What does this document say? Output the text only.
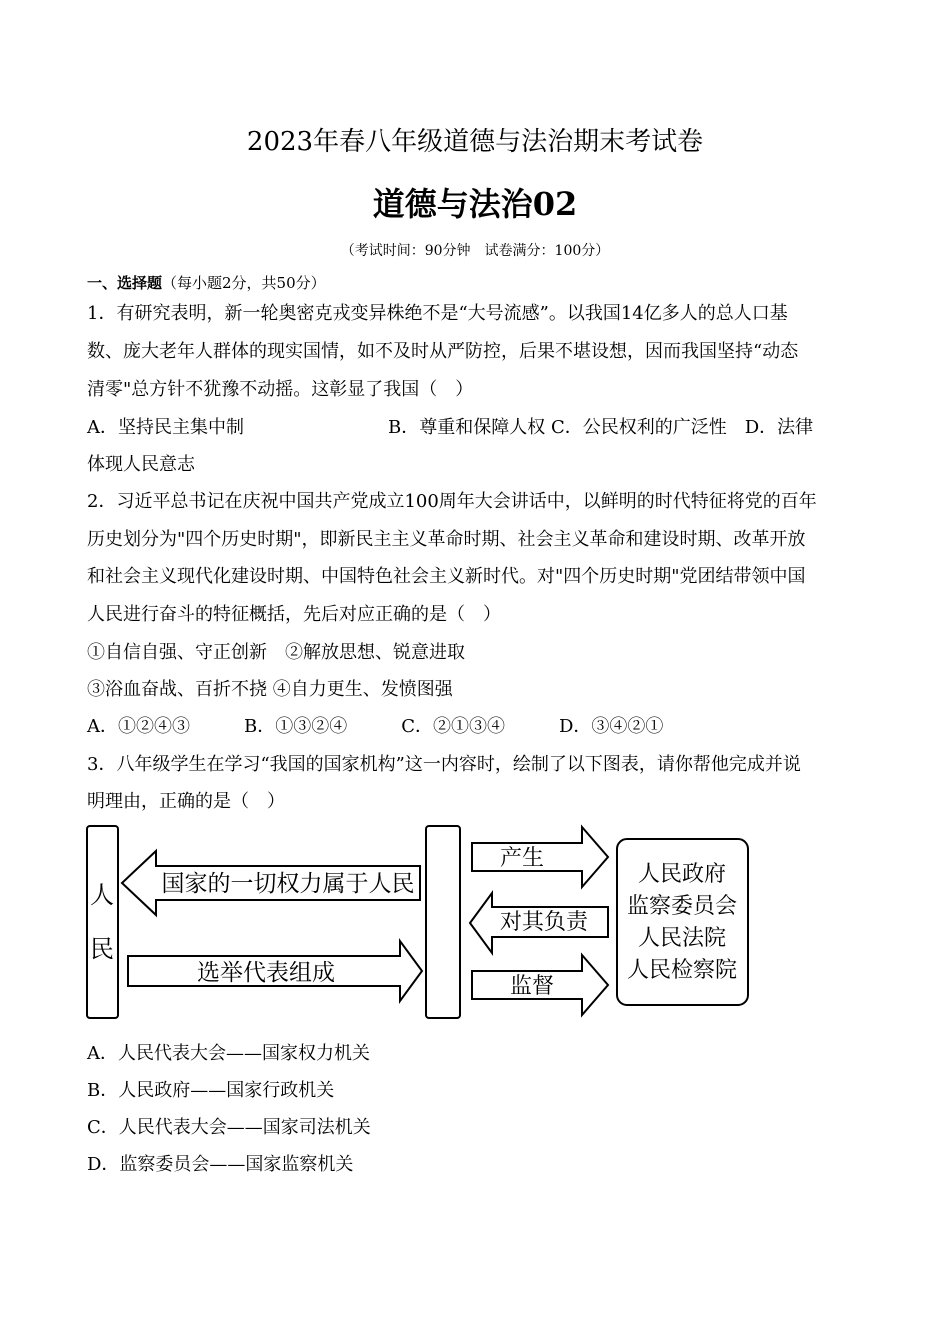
2023年春八年级道德与法治期末考试卷
道德与法治02
（考试时间：90分钟　试卷满分：100分）
一、选择题（每小题2分，共50分）
1．有研究表明，新一轮奥密克戎变异株绝不是“大号流感”。以我国14亿多人的总人口基
数、庞大老年人群体的现实国情，如不及时从严防控，后果不堪设想，因而我国坚持“动态
清零"总方针不犹豫不动摇。这彰显了我国（　）
A．坚持民主集中制　　　　　　　　B．尊重和保障人权 C．公民权利的广泛性　D．法律
体现人民意志
2．习近平总书记在庆祝中国共产党成立100周年大会讲话中，以鲜明的时代特征将党的百年
历史划分为"四个历史时期"，即新民主主义革命时期、社会主义革命和建设时期、改革开放
和社会主义现代化建设时期、中国特色社会主义新时代。对"四个历史时期"党团结带领中国
人民进行奋斗的特征概括，先后对应正确的是（　）
①自信自强、守正创新　②解放思想、锐意进取
③浴血奋战、百折不挠 ④自力更生、发愤图强
A．①②④③　　　B．①③②④　　　C．②①③④　　　D．③④②①
3．八年级学生在学习“我国的国家机构”这一内容时，绘制了以下图表，请你帮他完成并说
明理由，正确的是（　）
人
民
国家的一切权力属于人民
选举代表组成
产生
对其负责
监督
人民政府
监察委员会
人民法院
人民检察院
A．人民代表大会——国家权力机关
B．人民政府——国家行政机关
C．人民代表大会——国家司法机关
D．监察委员会——国家监察机关
